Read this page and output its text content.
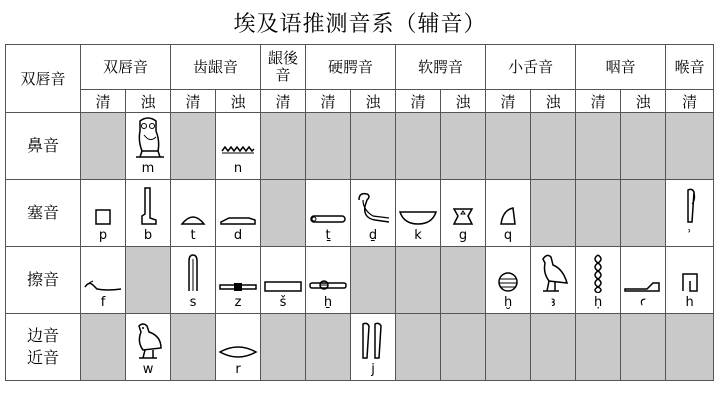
埃及语推测音系（辅音）
双唇音	双唇音		齿龈音		龈後音	硬腭音		软腭音		小舌音		咽音		喉音
	清	浊	清	浊	清	清	浊	清	浊	清	浊	清	浊	清
鼻音		m		n										

塞音	p	b	t	d		ṯ	ḏ	k	g	q				ʾ

擦音	f		s	z	š	ẖ				ḫ	ꜣ	ḥ	ꜥ	h

边音
近音		w		r			j							
